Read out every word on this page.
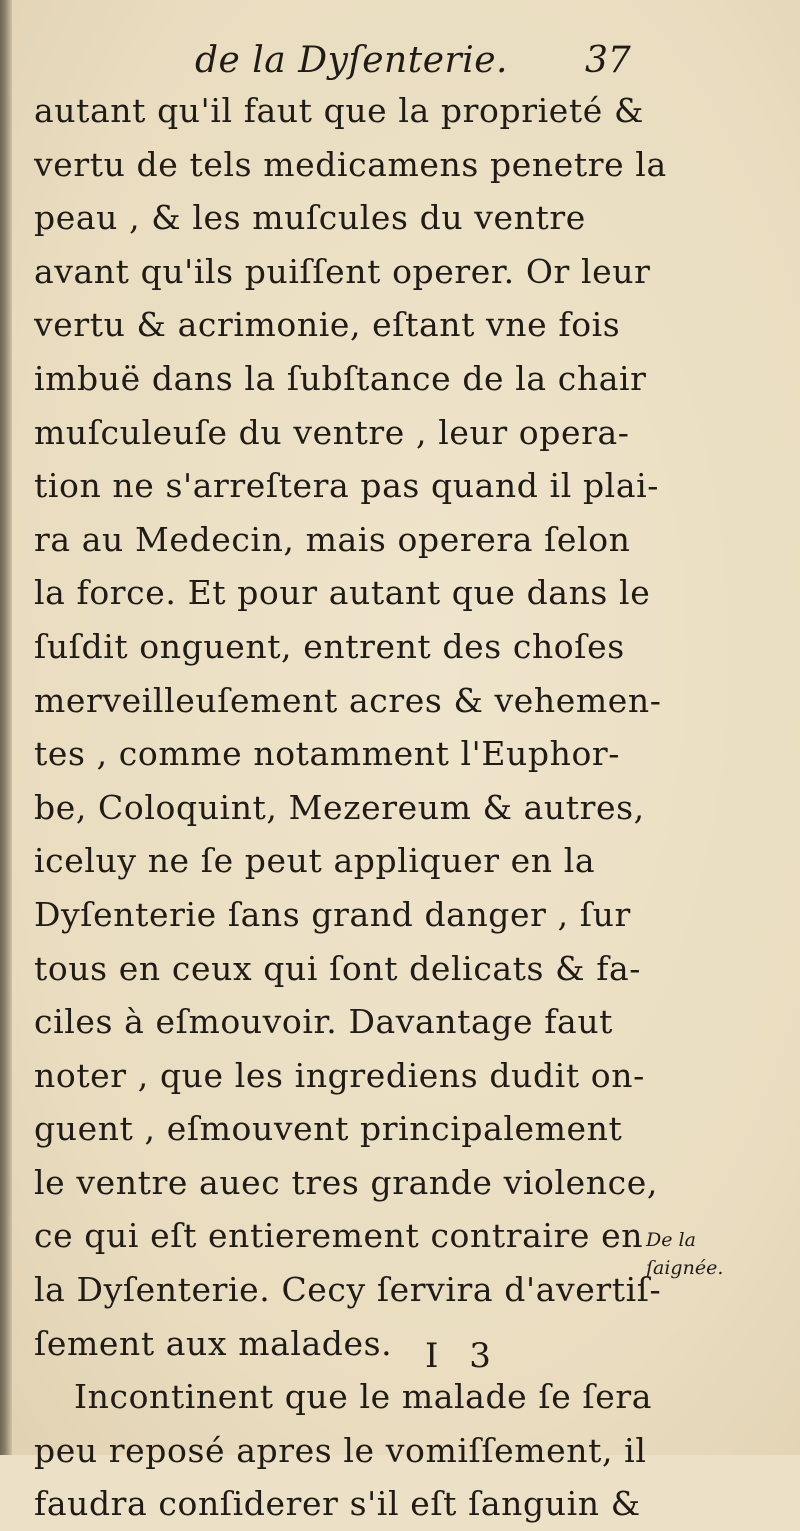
de la Dyſenterie. 37
autant qu'il faut que la proprieté &
vertu de tels medicamens penetre la
peau , & les muſcules du ventre
avant qu'ils puiſſent operer. Or leur
vertu & acrimonie, eſtant vne fois
imbuë dans la ſubſtance de la chair
muſculeuſe du ventre , leur opera-
tion ne s'arreſtera pas quand il plai-
ra au Medecin, mais operera ſelon
la force. Et pour autant que dans le
ſuſdit onguent, entrent des choſes
merveilleuſement acres & vehemen-
tes , comme notamment l'Euphor-
be, Coloquint, Mezereum & autres,
iceluy ne ſe peut appliquer en la
Dyſenterie ſans grand danger , ſur
tous en ceux qui ſont delicats & fa-
ciles à eſmouvoir. Davantage faut
noter , que les ingrediens dudit on-
guent , eſmouvent principalement
le ventre auec tres grande violence,
ce qui eſt entierement contraire en
la Dyſenterie. Cecy ſervira d'avertiſ-
ſement aux malades.
Incontinent que le malade ſe ſera
peu reposé apres le vomiſſement, il
faudra conſiderer s'il eſt ſanguin &
De la
ſaignée.
I 3
